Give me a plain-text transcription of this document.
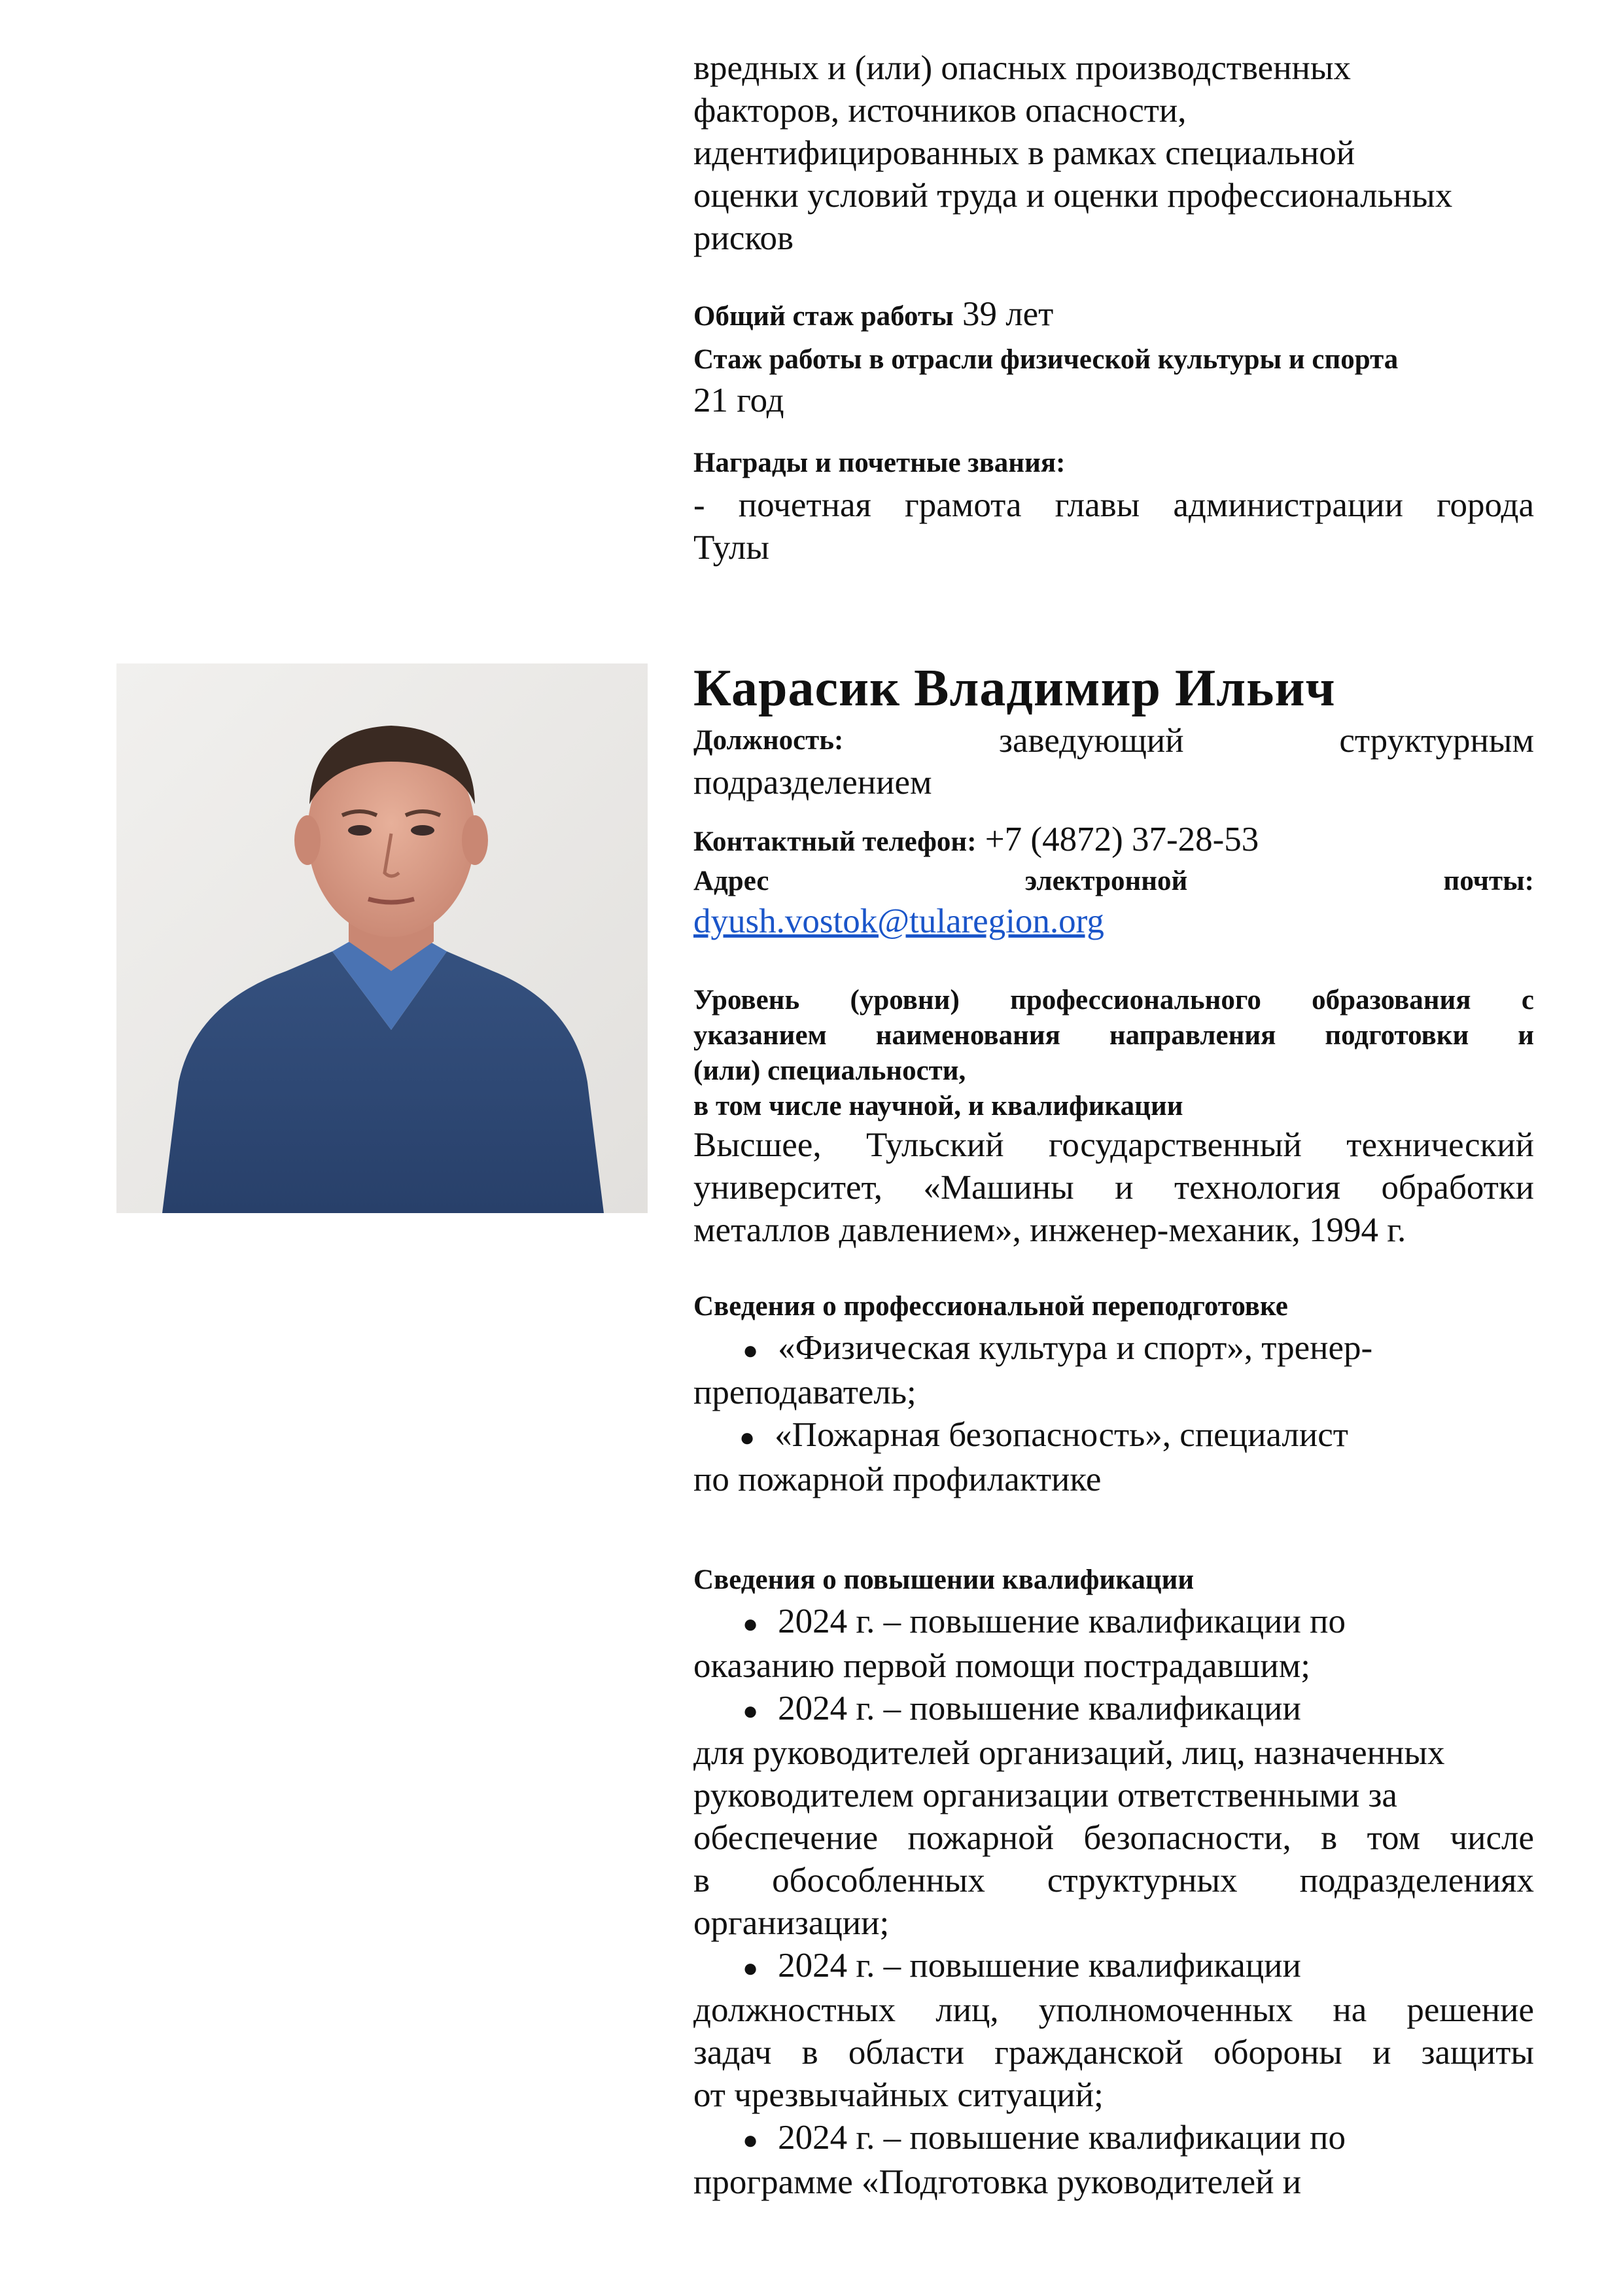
вредных и (или) опасных производственных
факторов, источников опасности,
идентифицированных в рамках специальной
оценки условий труда и оценки профессиональных
рисков
Общий стаж работы 39 лет
Стаж работы в отрасли физической культуры и спорта
21 год
Награды и почетные звания:
- почетная грамота главы администрации города
Тулы
Карасик Владимир Ильич
Должность:	заведующий	структурным
подразделением
Контактный телефон: +7 (4872) 37-28-53
Адрес	электронной	почты:
dyush.vostok@tularegion.org
Уровень (уровни) профессионального образования с
указанием наименования направления подготовки и
(или) специальности,
в том числе научной, и квалификации
Высшее, Тульский государственный технический
университет, «Машины и технология обработки
металлов давлением», инженер-механик, 1994 г.
Сведения о профессиональной переподготовке
● «Физическая культура и спорт», тренер-
преподаватель;
● «Пожарная безопасность», специалист
по пожарной профилактике
Сведения о повышении квалификации
● 2024 г. – повышение квалификации по
оказанию первой помощи пострадавшим;
● 2024 г. – повышение квалификации
для руководителей организаций, лиц, назначенных
руководителем организации ответственными за
обеспечение пожарной безопасности, в том числе
в обособленных структурных подразделениях
организации;
● 2024 г. – повышение квалификации
должностных лиц, уполномоченных на решение
задач в области гражданской обороны и защиты
от чрезвычайных ситуаций;
● 2024 г. – повышение квалификации по
программе «Подготовка руководителей и
